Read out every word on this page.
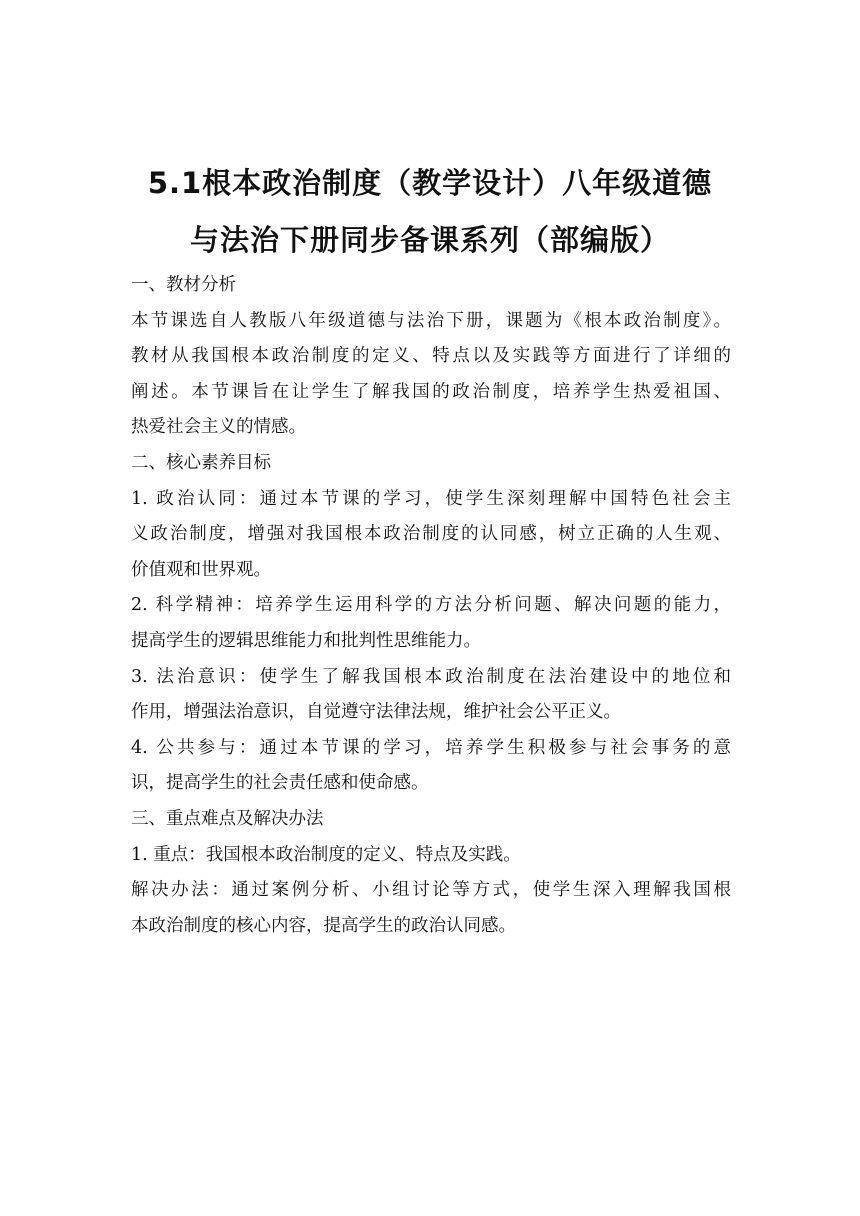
5.1根本政治制度（教学设计）八年级道德
与法治下册同步备课系列（部编版）

一、教材分析

本节课选自人教版八年级道德与法治下册，课题为《根本政治制度》。
教材从我国根本政治制度的定义、特点以及实践等方面进行了详细的
阐述。本节课旨在让学生了解我国的政治制度，培养学生热爱祖国、
热爱社会主义的情感。

二、核心素养目标

1. 政治认同：通过本节课的学习，使学生深刻理解中国特色社会主
义政治制度，增强对我国根本政治制度的认同感，树立正确的人生观、
价值观和世界观。

2. 科学精神：培养学生运用科学的方法分析问题、解决问题的能力，
提高学生的逻辑思维能力和批判性思维能力。

3. 法治意识：使学生了解我国根本政治制度在法治建设中的地位和
作用，增强法治意识，自觉遵守法律法规，维护社会公平正义。

4. 公共参与：通过本节课的学习，培养学生积极参与社会事务的意
识，提高学生的社会责任感和使命感。

三、重点难点及解决办法

1. 重点：我国根本政治制度的定义、特点及实践。

解决办法：通过案例分析、小组讨论等方式，使学生深入理解我国根
本政治制度的核心内容，提高学生的政治认同感。
